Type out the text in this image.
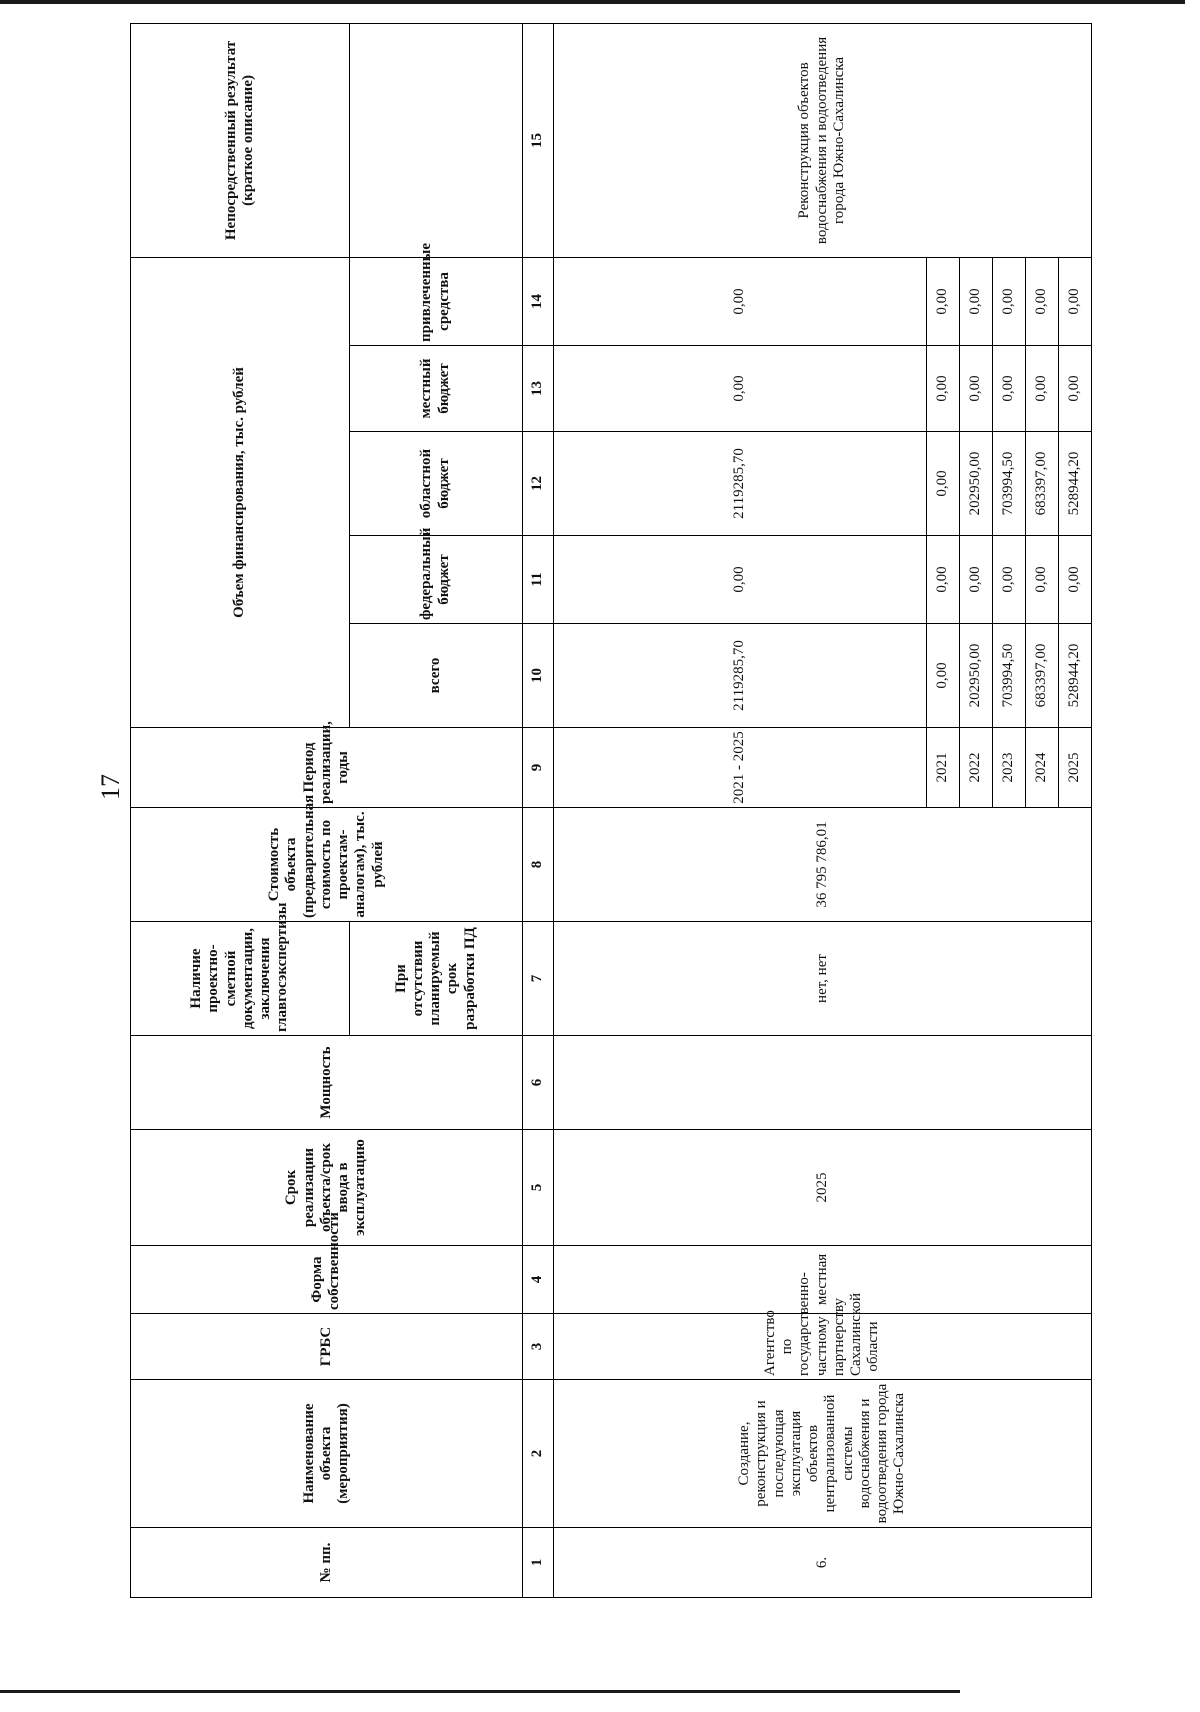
17
№ пп.	Наименование объекта (мероприятия)	ГРБС	Форма собственности	Срок реализации объекта/срок ввода в эксплуатацию	Мощность	Наличие проектно-сметной документации, заключения главгосэкспертизы	Стоимость объекта (предварительная стоимость по проектам-аналогам), тыс. рублей	Период реализации, годы	Объем финансирования, тыс. рублей					Непосредственный результат (краткое описание)
						При отсутствии планируемый срок разработки ПД			всего	федеральный бюджет	областной бюджет	местный бюджет	привлеченные средства	
1	2	3	4	5	6	7	8	9	10	11	12	13	14	15
6.	Создание, реконструкция и последующая эксплуатация объектов централизованной системы водоснабжения и водоотведения города Южно-Сахалинска	Агентство по государственно-частному партнерству Сахалинской области	местная	2025		нет, нет	36 795 786,01	2021 - 2025	2119285,70	0,00	2119285,70	0,00	0,00	Реконструкция объектов водоснабжения и водоотведения города Южно-Сахалинска
								2021	0,00	0,00	0,00	0,00	0,00	
								2022	202950,00	0,00	202950,00	0,00	0,00	
								2023	703994,50	0,00	703994,50	0,00	0,00	
								2024	683397,00	0,00	683397,00	0,00	0,00	
								2025	528944,20	0,00	528944,20	0,00	0,00	
